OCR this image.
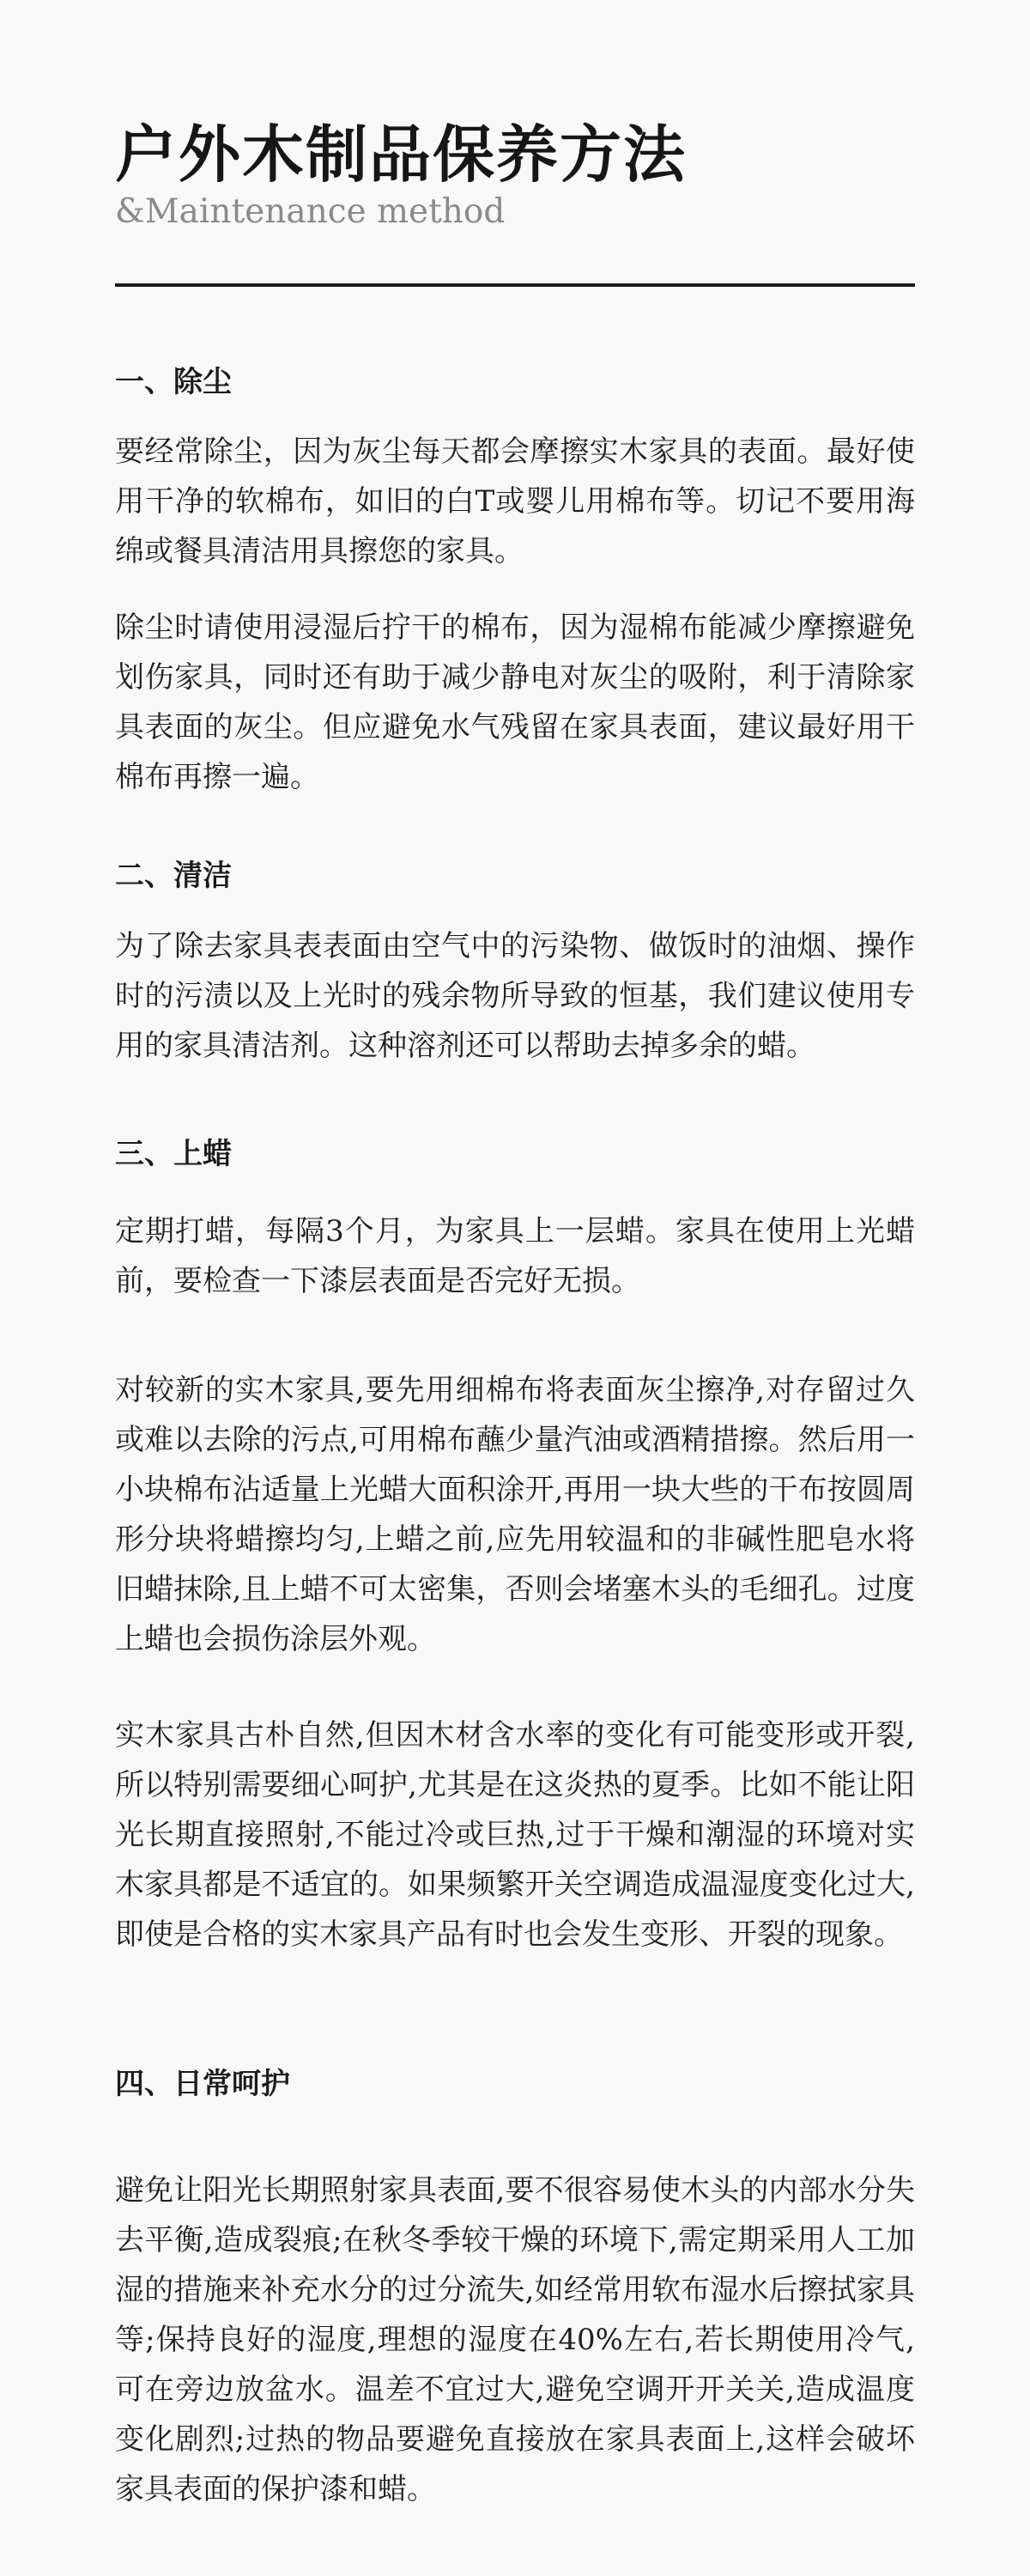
户外木制品保养方法

&Maintenance method

一、除尘

要经常除尘，因为灰尘每天都会摩擦实木家具的表面。最好使用干净的软棉布，如旧的白T或婴儿用棉布等。切记不要用海绵或餐具清洁用具擦您的家具。

除尘时请使用浸湿后拧干的棉布，因为湿棉布能减少摩擦避免划伤家具，同时还有助于减少静电对灰尘的吸附，利于清除家具表面的灰尘。但应避免水气残留在家具表面，建议最好用干棉布再擦一遍。

二、清洁

为了除去家具表表面由空气中的污染物、做饭时的油烟、操作时的污渍以及上光时的残余物所导致的恒基，我们建议使用专用的家具清洁剂。这种溶剂还可以帮助去掉多余的蜡。

三、上蜡

定期打蜡，每隔3个月，为家具上一层蜡。家具在使用上光蜡前，要检查一下漆层表面是否完好无损。

对较新的实木家具,要先用细棉布将表面灰尘擦净,对存留过久或难以去除的污点,可用棉布蘸少量汽油或酒精措擦。然后用一小块棉布沾适量上光蜡大面积涂开,再用一块大些的干布按圆周形分块将蜡擦均匀,上蜡之前,应先用较温和的非碱性肥皂水将旧蜡抹除,且上蜡不可太密集，否则会堵塞木头的毛细孔。过度上蜡也会损伤涂层外观。

实木家具古朴自然,但因木材含水率的变化有可能变形或开裂,所以特别需要细心呵护,尤其是在这炎热的夏季。比如不能让阳光长期直接照射,不能过冷或巨热,过于干燥和潮湿的环境对实木家具都是不适宜的。如果频繁开关空调造成温湿度变化过大,即使是合格的实木家具产品有时也会发生变形、开裂的现象。

四、日常呵护

避免让阳光长期照射家具表面,要不很容易使木头的内部水分失去平衡,造成裂痕;在秋冬季较干燥的环境下,需定期采用人工加湿的措施来补充水分的过分流失,如经常用软布湿水后擦拭家具等;保持良好的湿度,理想的湿度在40%左右,若长期使用冷气,可在旁边放盆水。温差不宜过大,避免空调开开关关,造成温度变化剧烈;过热的物品要避免直接放在家具表面上,这样会破坏家具表面的保护漆和蜡。
